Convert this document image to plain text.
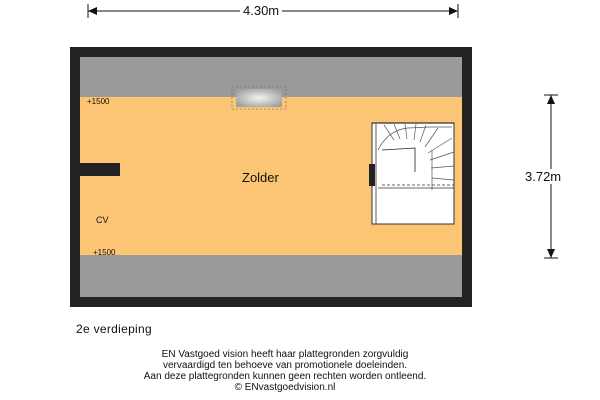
4.30m
3.72m
Zolder
+1500
+1500
CV
2e verdieping
EN Vastgoed vision heeft haar plattegronden zorgvuldig
vervaardigd ten behoeve van promotionele doeleinden.
Aan deze plattegronden kunnen geen rechten worden ontleend.
© ENvastgoedvision.nl
